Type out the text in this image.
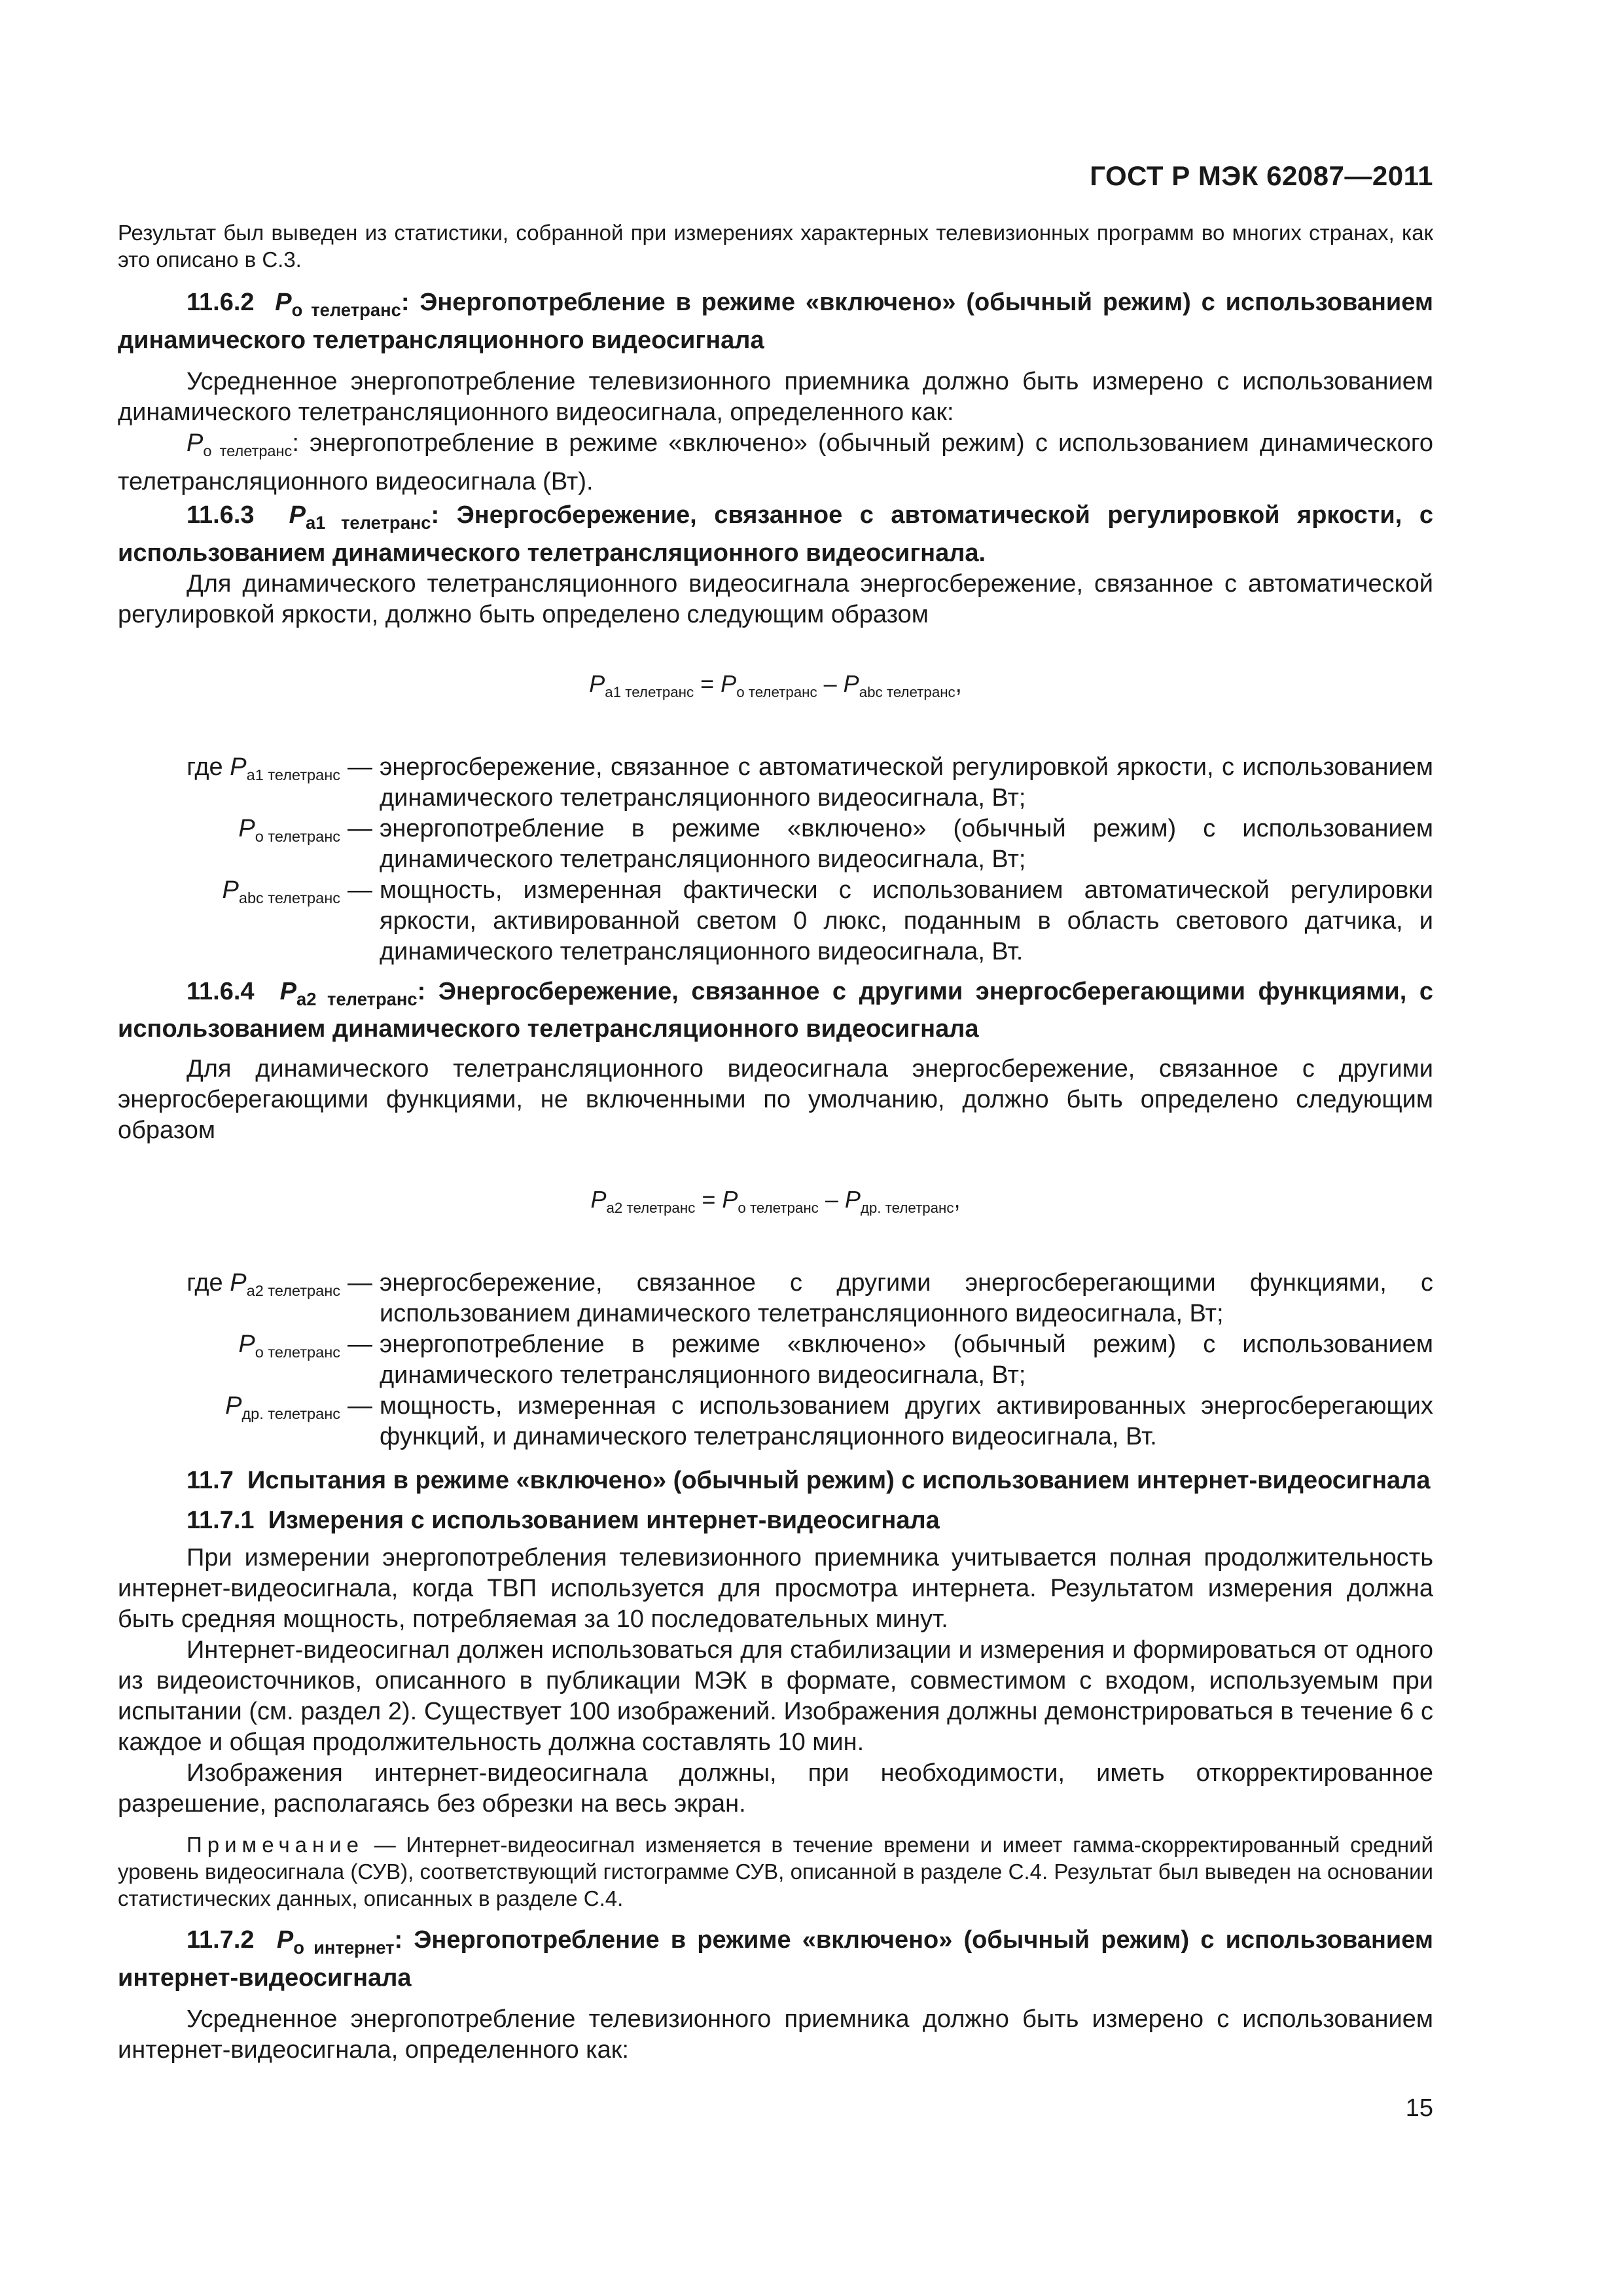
ГОСТ Р МЭК 62087—2011

Результат был выведен из статистики, собранной при измерениях характерных телевизионных программ во многих странах, как это описано в С.3.

11.6.2 $P_{о телетранс}$: Энергопотребление в режиме «включено» (обычный режим) с использованием динамического телетрансляционного видеосигнала

Усредненное энергопотребление телевизионного приемника должно быть измерено с использованием динамического телетрансляционного видеосигнала, определенного как:

$P_{о телетранс}$: энергопотребление в режиме «включено» (обычный режим) с использованием динамического телетрансляционного видеосигнала (Вт).

11.6.3 $P_{a1 телетранс}$: Энергосбережение, связанное с автоматической регулировкой яркости, с использованием динамического телетрансляционного видеосигнала.

Для динамического телетрансляционного видеосигнала энергосбережение, связанное с автоматической регулировкой яркости, должно быть определено следующим образом

$P_{a1 телетранс} = P_{о телетранс} - P_{abc телетранс}$,
где $P_{a1 телетранс}$ — энергосбережение, связанное с автоматической регулировкой яркости, с использованием динамического телетрансляционного видеосигнала, Вт;
$P_{о телетранс}$ — энергопотребление в режиме «включено» (обычный режим) с использованием динамического телетрансляционного видеосигнала, Вт;
$P_{abc телетранс}$ — мощность, измеренная фактически с использованием автоматической регулировки яркости, активированной светом 0 люкс, поданным в область светового датчика, и динамического телетрансляционного видеосигнала, Вт.

11.6.4 $P_{a2 телетранс}$: Энергосбережение, связанное с другими энергосберегающими функциями, с использованием динамического телетрансляционного видеосигнала

Для динамического телетрансляционного видеосигнала энергосбережение, связанное с другими энергосберегающими функциями, не включенными по умолчанию, должно быть определено следующим образом

$P_{a2 телетранс} = P_{о телетранс} - P_{др. телетранс}$,
где $P_{a2 телетранс}$ — энергосбережение, связанное с другими энергосберегающими функциями, с использованием динамического телетрансляционного видеосигнала, Вт;
$P_{о телетранс}$ — энергопотребление в режиме «включено» (обычный режим) с использованием динамического телетрансляционного видеосигнала, Вт;
$P_{др. телетранс}$ — мощность, измеренная с использованием других активированных энергосберегающих функций, и динамического телетрансляционного видеосигнала, Вт.

11.7 Испытания в режиме «включено» (обычный режим) с использованием интернет-видеосигнала

11.7.1 Измерения с использованием интернет-видеосигнала

При измерении энергопотребления телевизионного приемника учитывается полная продолжительность интернет-видеосигнала, когда ТВП используется для просмотра интернета. Результатом измерения должна быть средняя мощность, потребляемая за 10 последовательных минут.

Интернет-видеосигнал должен использоваться для стабилизации и измерения и формироваться от одного из видеоисточников, описанного в публикации МЭК в формате, совместимом с входом, используемым при испытании (см. раздел 2). Существует 100 изображений. Изображения должны демонстрироваться в течение 6 с каждое и общая продолжительность должна составлять 10 мин.

Изображения интернет-видеосигнала должны, при необходимости, иметь откорректированное разрешение, располагаясь без обрезки на весь экран.

Примечание — Интернет-видеосигнал изменяется в течение времени и имеет гамма-скорректированный средний уровень видеосигнала (СУВ), соответствующий гистограмме СУВ, описанной в разделе С.4. Результат был выведен на основании статистических данных, описанных в разделе С.4.

11.7.2 $P_{о интернет}$: Энергопотребление в режиме «включено» (обычный режим) с использованием интернет-видеосигнала

Усредненное энергопотребление телевизионного приемника должно быть измерено с использованием интернет-видеосигнала, определенного как:

15
